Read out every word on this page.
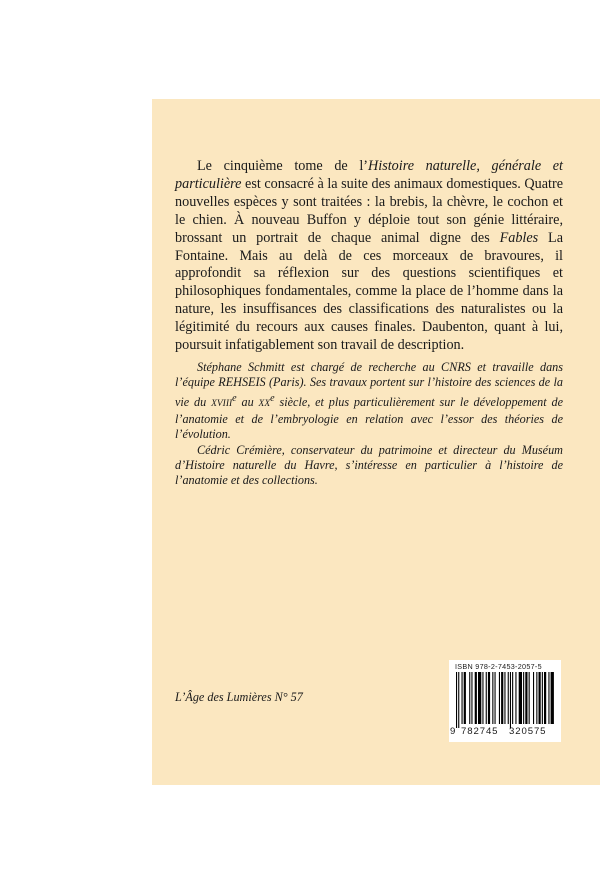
Le cinquième tome de l’Histoire naturelle, générale et particulière est consacré à la suite des animaux domestiques. Quatre nouvelles espèces y sont traitées : la brebis, la chèvre, le cochon et le chien. À nouveau Buffon y déploie tout son génie littéraire, brossant un portrait de chaque animal digne des Fables La Fontaine. Mais au delà de ces morceaux de bravoures, il approfondit sa réflexion sur des questions scientifiques et philosophiques fondamentales, comme la place de l’homme dans la nature, les insuffisances des classifications des naturalistes ou la légitimité du recours aux causes finales. Daubenton, quant à lui, poursuit infatigablement son travail de description.

Stéphane Schmitt est chargé de recherche au CNRS et travaille dans l’équipe REHSEIS (Paris). Ses travaux portent sur l’histoire des sciences de la vie du XVIIIe au XXe siècle, et plus particulièrement sur le développement de l’anatomie et de l’embryologie en relation avec l’essor des théories de l’évolution.

Cédric Crémière, conservateur du patrimoine et directeur du Muséum d’Histoire naturelle du Havre, s’intéresse en particulier à l’histoire de l’anatomie et des collections.

L’Âge des Lumières N° 57
ISBN 978-2-7453-2057-5
9 782745 320575
